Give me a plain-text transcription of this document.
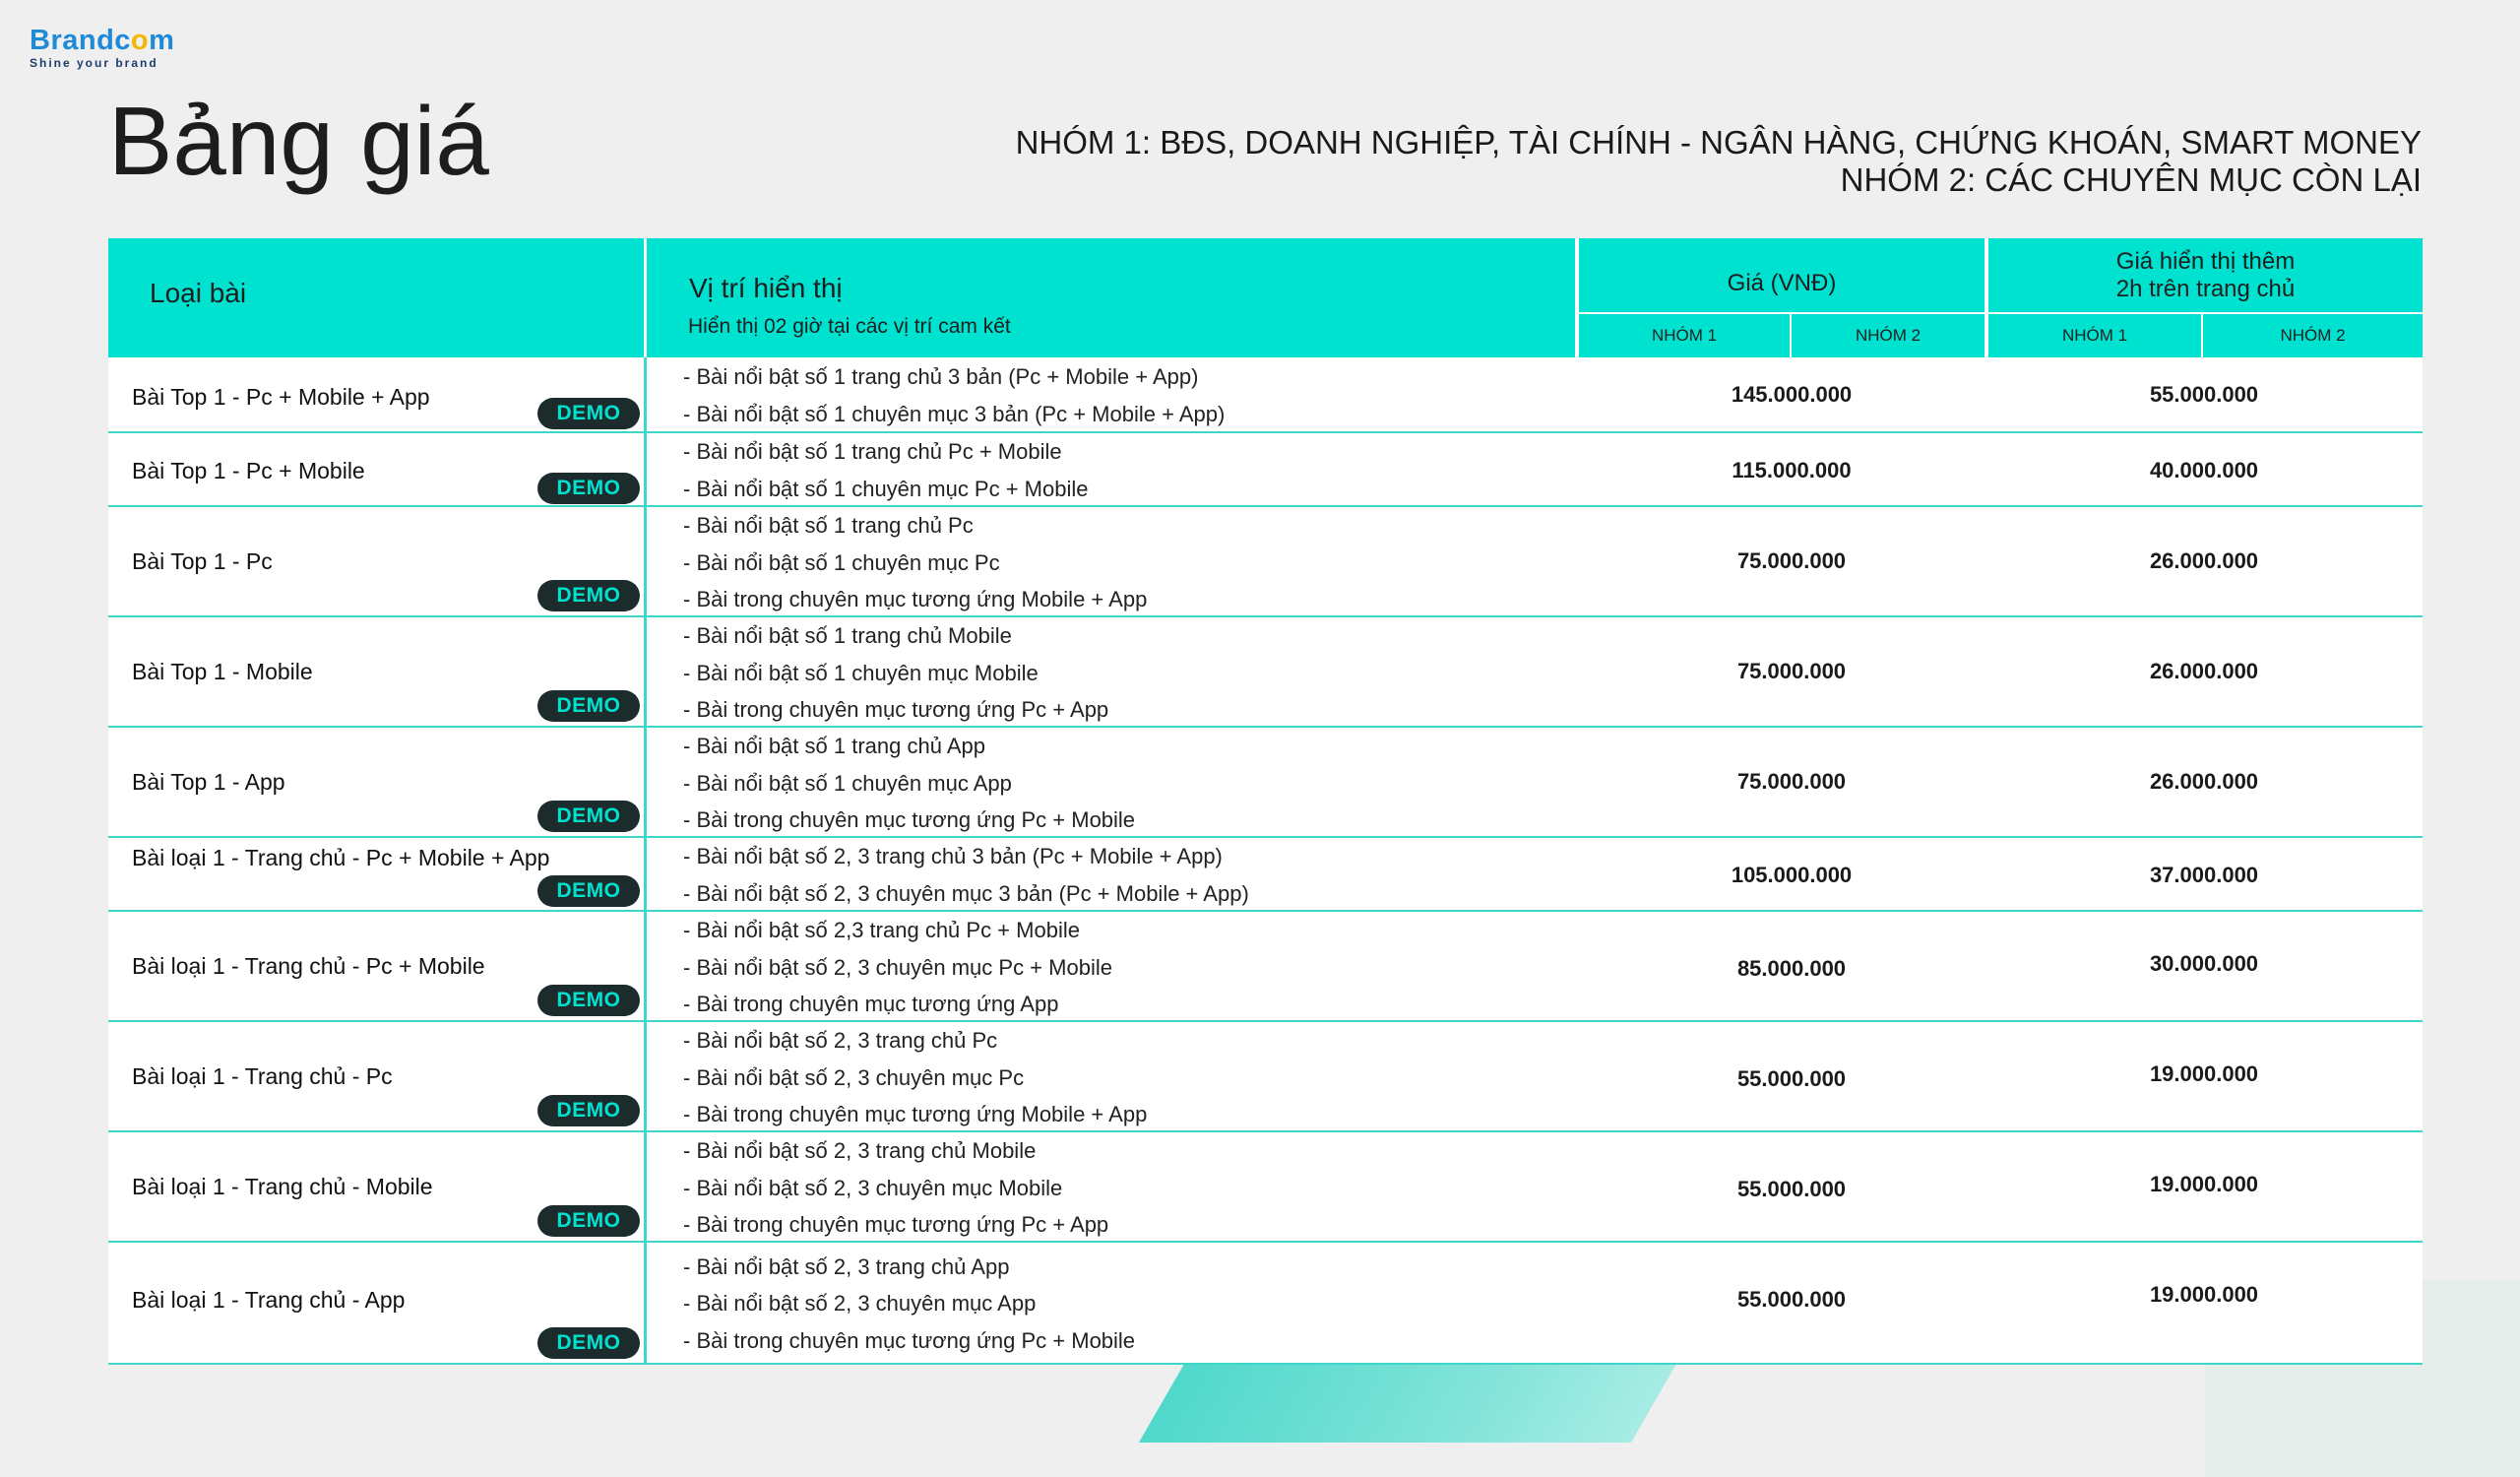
Brandcom
Shine your brand
Bảng giá	NHÓM 1: BĐS, DOANH NGHIỆP, TÀI CHÍNH - NGÂN HÀNG, CHỨNG KHOÁN, SMART MONEY
NHÓM 2: CÁC CHUYÊN MỤC CÒN LẠI
Loại bài	Vị trí hiển thị
Hiển thị 02 giờ tại các vị trí cam kết
Giá (VNĐ)
NHÓM 1	NHÓM 2
Giá hiển thị thêm
2h trên trang chủ
NHÓM 1	NHÓM 2
Bài Top 1 - Pc + Mobile + App
DEMO
- Bài nổi bật số 1 trang chủ 3 bản (Pc + Mobile + App)
- Bài nổi bật số 1 chuyên mục 3 bản (Pc + Mobile + App)
145.000.000	55.000.000
Bài Top 1 - Pc + Mobile
DEMO
- Bài nổi bật số 1 trang chủ Pc + Mobile
- Bài nổi bật số 1 chuyên mục Pc + Mobile
115.000.000	40.000.000
Bài Top 1 - Pc
DEMO
- Bài nổi bật số 1 trang chủ Pc
- Bài nổi bật số 1 chuyên mục Pc
- Bài trong chuyên mục tương ứng Mobile + App
75.000.000	26.000.000
Bài Top 1 - Mobile
DEMO
- Bài nổi bật số 1 trang chủ Mobile
- Bài nổi bật số 1 chuyên mục Mobile
- Bài trong chuyên mục tương ứng Pc + App
75.000.000	26.000.000
Bài Top 1 - App
DEMO
- Bài nổi bật số 1 trang chủ App
- Bài nổi bật số 1 chuyên mục App
- Bài trong chuyên mục tương ứng Pc + Mobile
75.000.000	26.000.000
Bài loại 1 - Trang chủ - Pc + Mobile + App
DEMO
- Bài nổi bật số 2, 3 trang chủ 3 bản (Pc + Mobile + App)
- Bài nổi bật số 2, 3 chuyên mục 3 bản (Pc + Mobile + App)
105.000.000	37.000.000
Bài loại 1 - Trang chủ - Pc + Mobile
DEMO
- Bài nổi bật số 2,3 trang chủ Pc + Mobile
- Bài nổi bật số 2, 3 chuyên mục Pc + Mobile
- Bài trong chuyên mục tương ứng App
85.000.000	30.000.000
Bài loại 1 - Trang chủ - Pc
DEMO
- Bài nổi bật số 2, 3 trang chủ Pc
- Bài nổi bật số 2, 3 chuyên mục Pc
- Bài trong chuyên mục tương ứng Mobile + App
55.000.000	19.000.000
Bài loại 1 - Trang chủ - Mobile
DEMO
- Bài nổi bật số 2, 3 trang chủ Mobile
- Bài nổi bật số 2, 3 chuyên mục Mobile
- Bài trong chuyên mục tương ứng Pc + App
55.000.000	19.000.000
Bài loại 1 - Trang chủ - App
DEMO
- Bài nổi bật số 2, 3 trang chủ App
- Bài nổi bật số 2, 3 chuyên mục App
- Bài trong chuyên mục tương ứng Pc + Mobile
55.000.000	19.000.000
